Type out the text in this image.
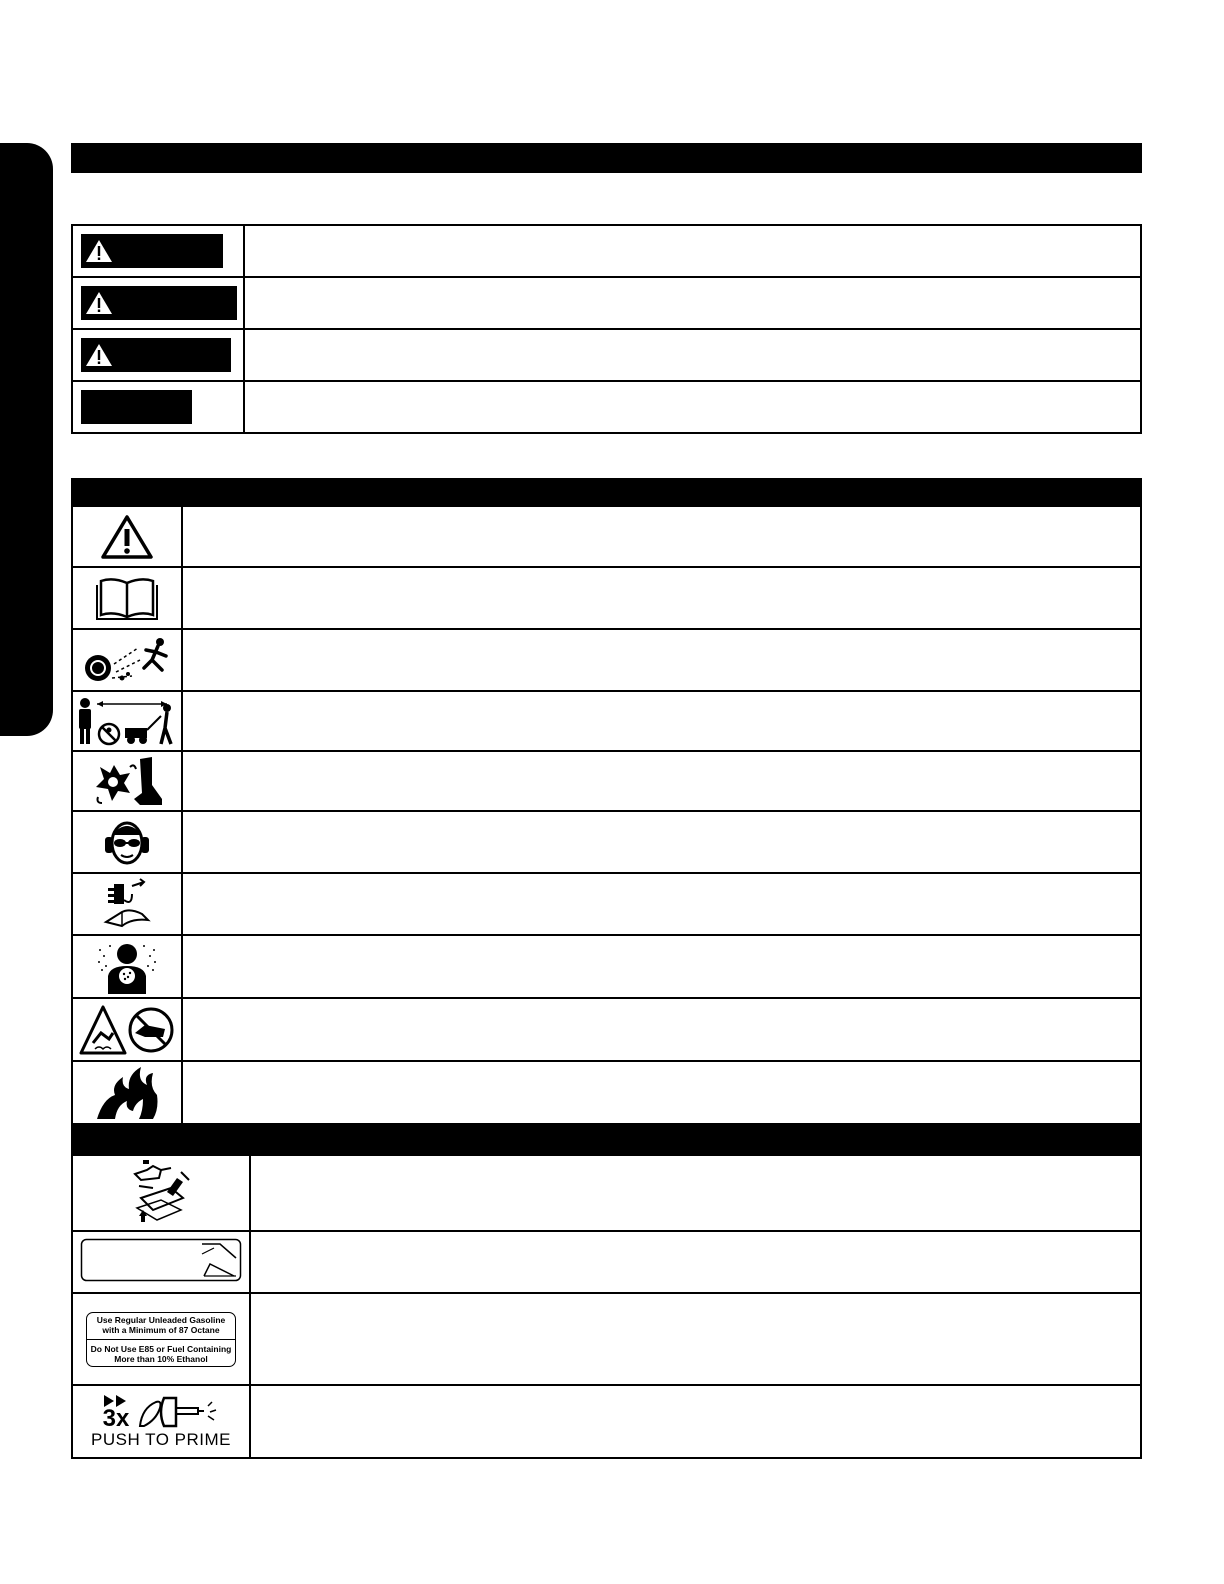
Use Regular Unleaded Gasoline
with a Minimum of 87 Octane
Do Not Use E85 or Fuel Containing
More than 10% Ethanol	

3x
PUSH TO PRIME	
